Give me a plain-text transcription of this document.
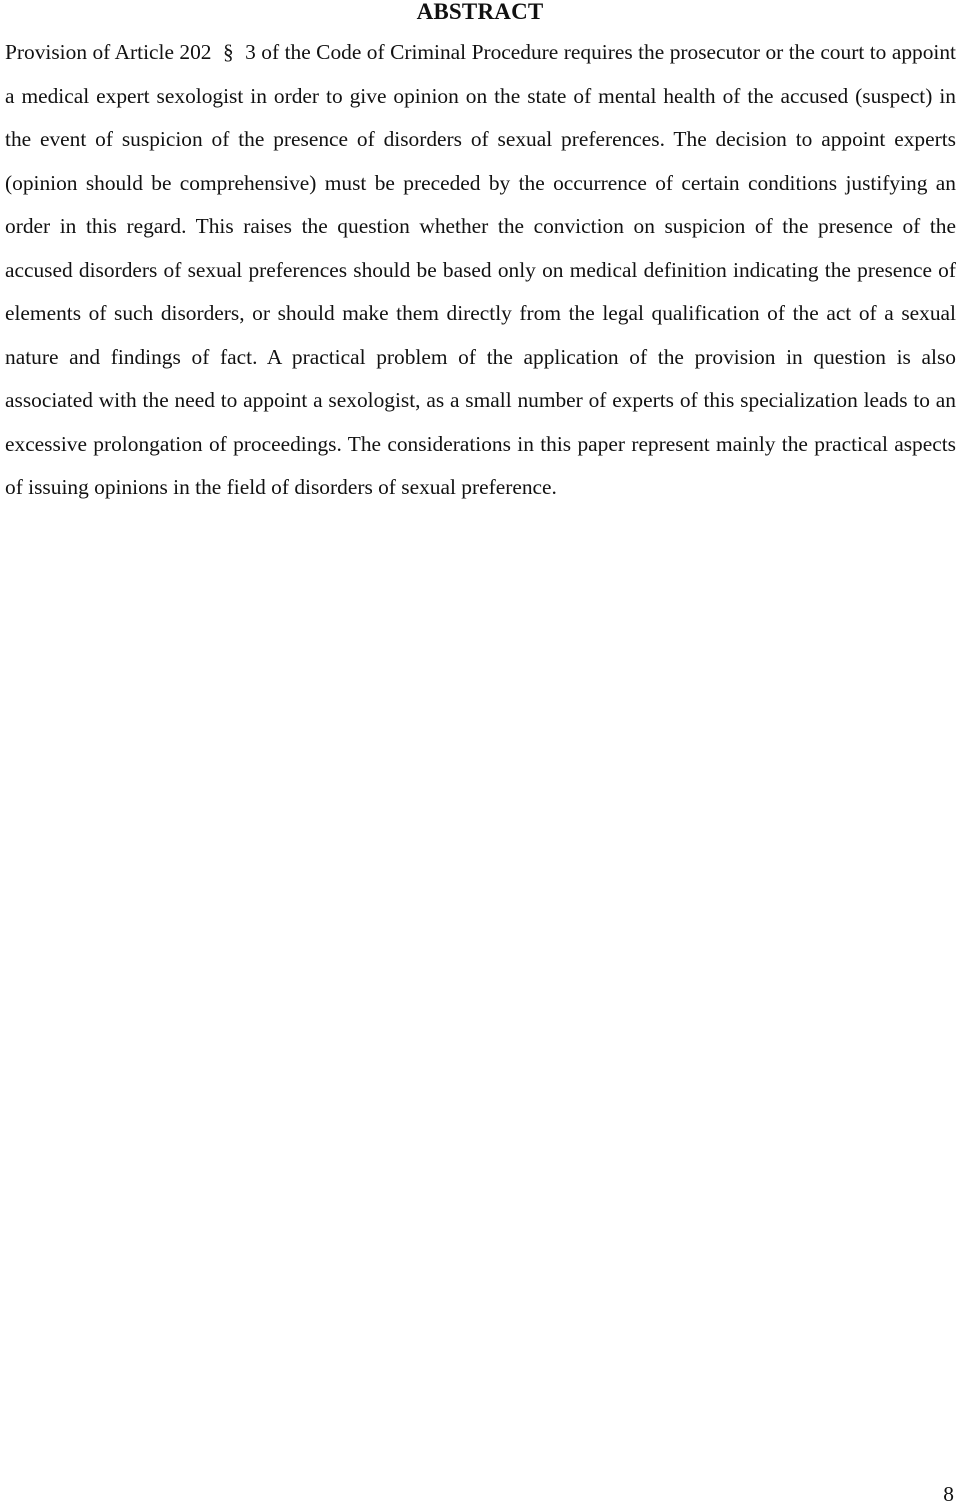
ABSTRACT

Provision of Article 202 § 3 of the Code of Criminal Procedure requires the prosecutor or the court to appoint a medical expert sexologist in order to give opinion on the state of mental health of the accused (suspect) in the event of suspicion of the presence of disorders of sexual preferences. The decision to appoint experts (opinion should be comprehensive) must be preceded by the occurrence of certain conditions justifying an order in this regard. This raises the question whether the conviction on suspicion of the presence of the accused disorders of sexual preferences should be based only on medical definition indicating the presence of elements of such disorders, or should make them directly from the legal qualification of the act of a sexual nature and findings of fact. A practical problem of the application of the provision in question is also associated with the need to appoint a sexologist, as a small number of experts of this specialization leads to an excessive prolongation of proceedings. The considerations in this paper represent mainly the practical aspects of issuing opinions in the field of disorders of sexual preference.

8
